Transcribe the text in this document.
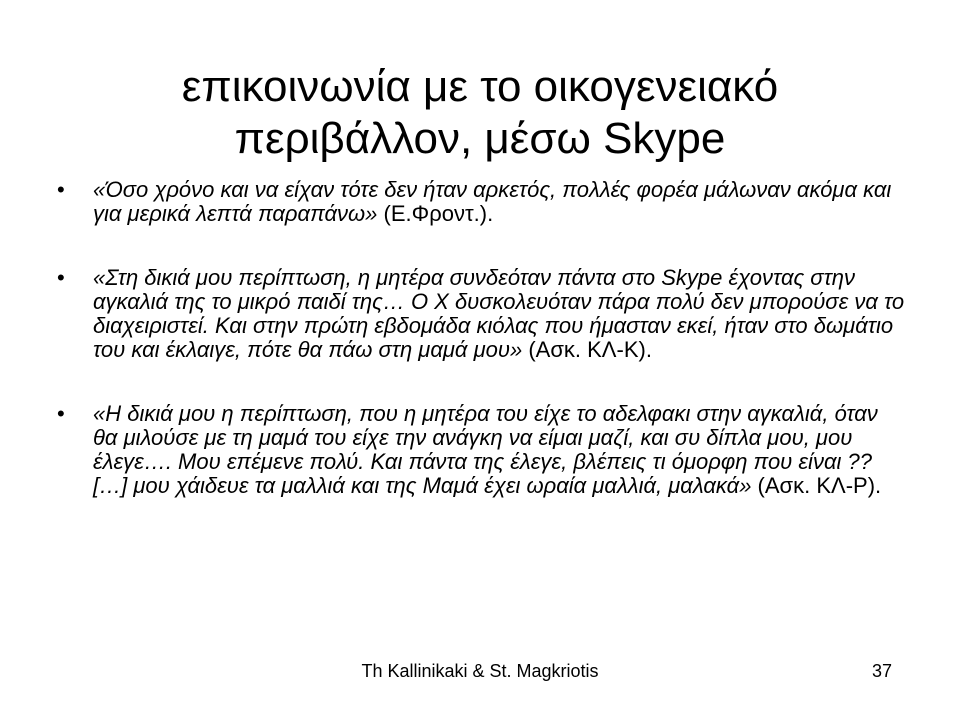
επικοινωνία με το οικογενειακό
περιβάλλον, μέσω Skype
• «Όσο χρόνο και να είχαν τότε δεν ήταν αρκετός, πολλές φορέα μάλωναν ακόμα και για μερικά λεπτά παραπάνω» (Ε.Φροντ.).
• «Στη δικιά μου περίπτωση, η μητέρα συνδεόταν πάντα στο Skype έχοντας στην αγκαλιά της το μικρό παιδί της… Ο Χ δυσκολευόταν πάρα πολύ δεν μπορούσε να το διαχειριστεί. Και στην πρώτη εβδομάδα κιόλας που ήμασταν εκεί, ήταν στο δωμάτιο του και έκλαιγε, πότε θα πάω στη μαμά μου» (Ασκ. ΚΛ-Κ).
• «Η δικιά μου η περίπτωση, που η μητέρα του είχε το αδελφακι στην αγκαλιά, όταν θα μιλούσε με τη μαμά του είχε την ανάγκη να είμαι μαζί, και συ δίπλα μου, μου έλεγε…. Μου επέμενε πολύ. Και πάντα της έλεγε, βλέπεις τι όμορφη που είναι ?? […] μου χάιδευε τα μαλλιά και της Μαμά έχει ωραία μαλλιά, μαλακά» (Ασκ. ΚΛ-Ρ).
Th Kallinikaki & St. Magkriotis	37
